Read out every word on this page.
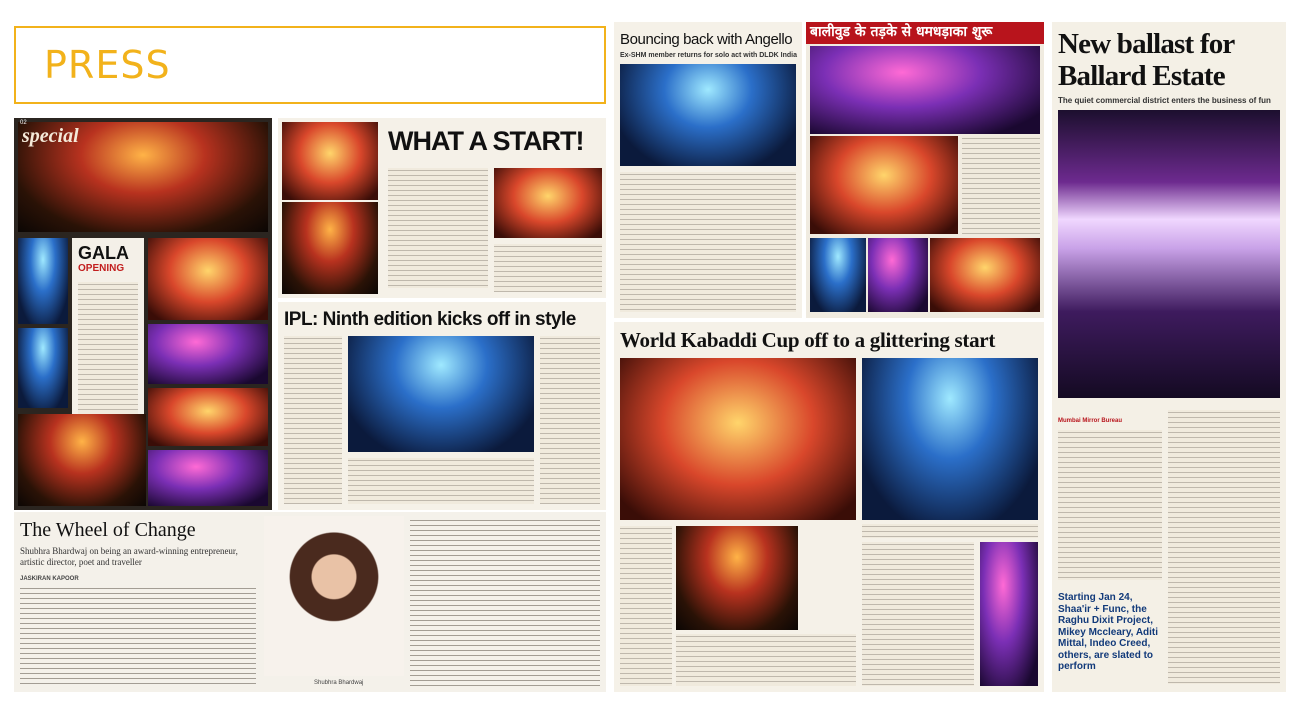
PRESS
special
02
GALA
OPENING
WHAT A START!
IPL: Ninth edition kicks off in style
The Wheel of Change
Shubhra Bhardwaj on being an award-winning entrepreneur, artistic director, poet and traveller
JASKIRAN KAPOOR
Shubhra Bhardwaj
Bouncing back with Angello
Ex-SHM member returns for solo act with DLDK India
बालीवुड के तड़के से धमधड़ाका शुरू
World Kabaddi Cup off to a glittering start
New ballast for
Ballard Estate
The quiet commercial district enters the business of fun
Mumbai Mirror Bureau
Starting Jan 24, Shaa'ir + Func, the Raghu Dixit Project, Mikey Mccleary, Aditi Mittal, Indeo Creed, others, are slated to perform
